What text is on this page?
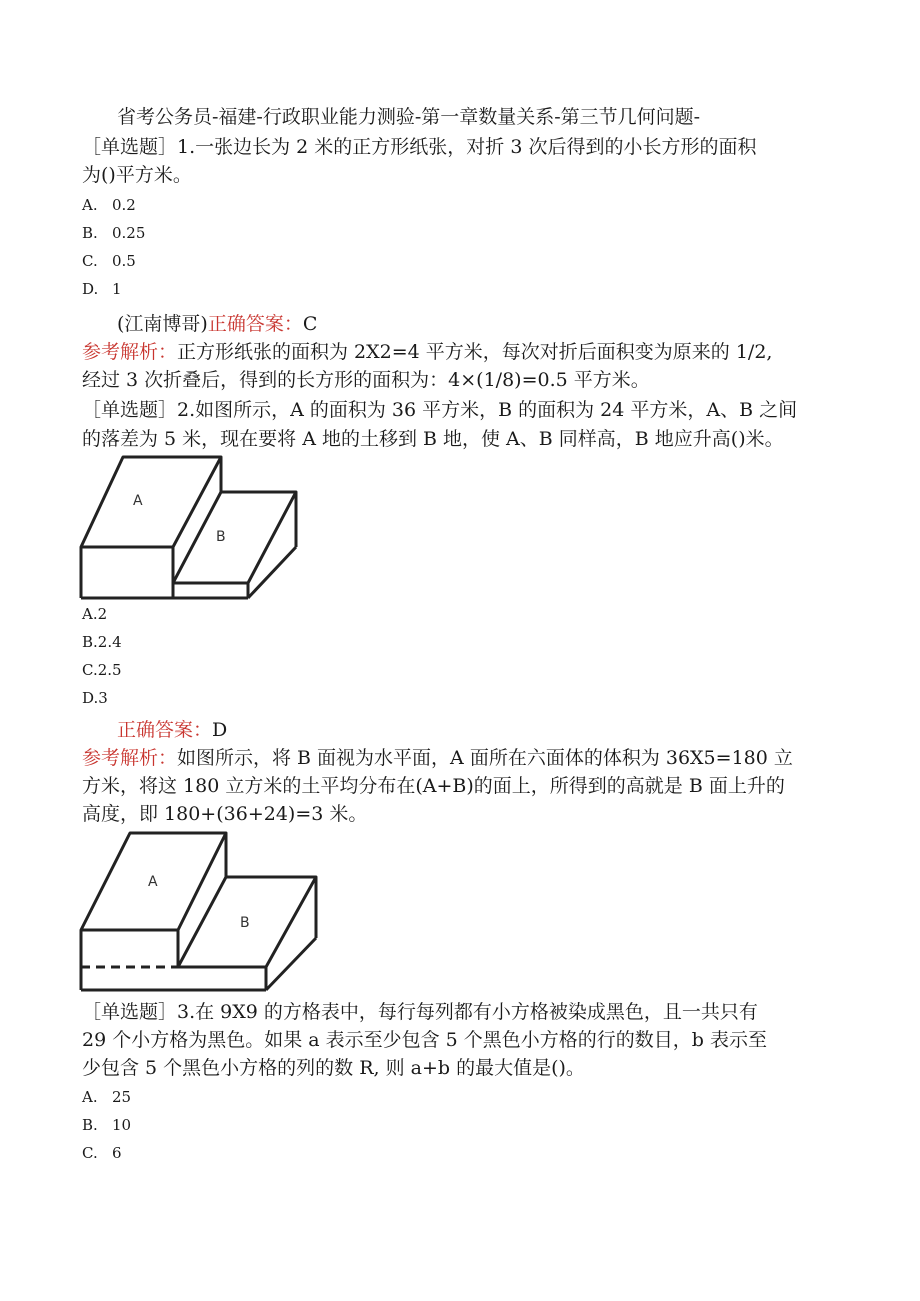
省考公务员-福建-行政职业能力测验-第一章数量关系-第三节几何问题-
［单选题］1.一张边长为 2 米的正方形纸张，对折 3 次后得到的小长方形的面积
为()平方米。
A. 0.2
B. 0.25
C. 0.5
D. 1
(江南博哥)正确答案：C
参考解析：正方形纸张的面积为 2X2=4 平方米，每次对折后面积变为原来的 1/2,
经过 3 次折叠后，得到的长方形的面积为：4×(1/8)=0.5 平方米。
［单选题］2.如图所示，A 的面积为 36 平方米，B 的面积为 24 平方米，A、B 之间
的落差为 5 米，现在要将 A 地的土移到 B 地，使 A、B 同样高，B 地应升高()米。
A
B
A.2
B.2.4
C.2.5
D.3
正确答案：D
参考解析：如图所示，将 B 面视为水平面，A 面所在六面体的体积为 36X5=180 立
方米，将这 180 立方米的土平均分布在(A+B)的面上，所得到的高就是 B 面上升的
高度，即 180+(36+24)=3 米。
A
B
［单选题］3.在 9X9 的方格表中，每行每列都有小方格被染成黑色，且一共只有
29 个小方格为黑色。如果 a 表示至少包含 5 个黑色小方格的行的数目，b 表示至
少包含 5 个黑色小方格的列的数 R, 则 a+b 的最大值是()。
A. 25
B. 10
C. 6
